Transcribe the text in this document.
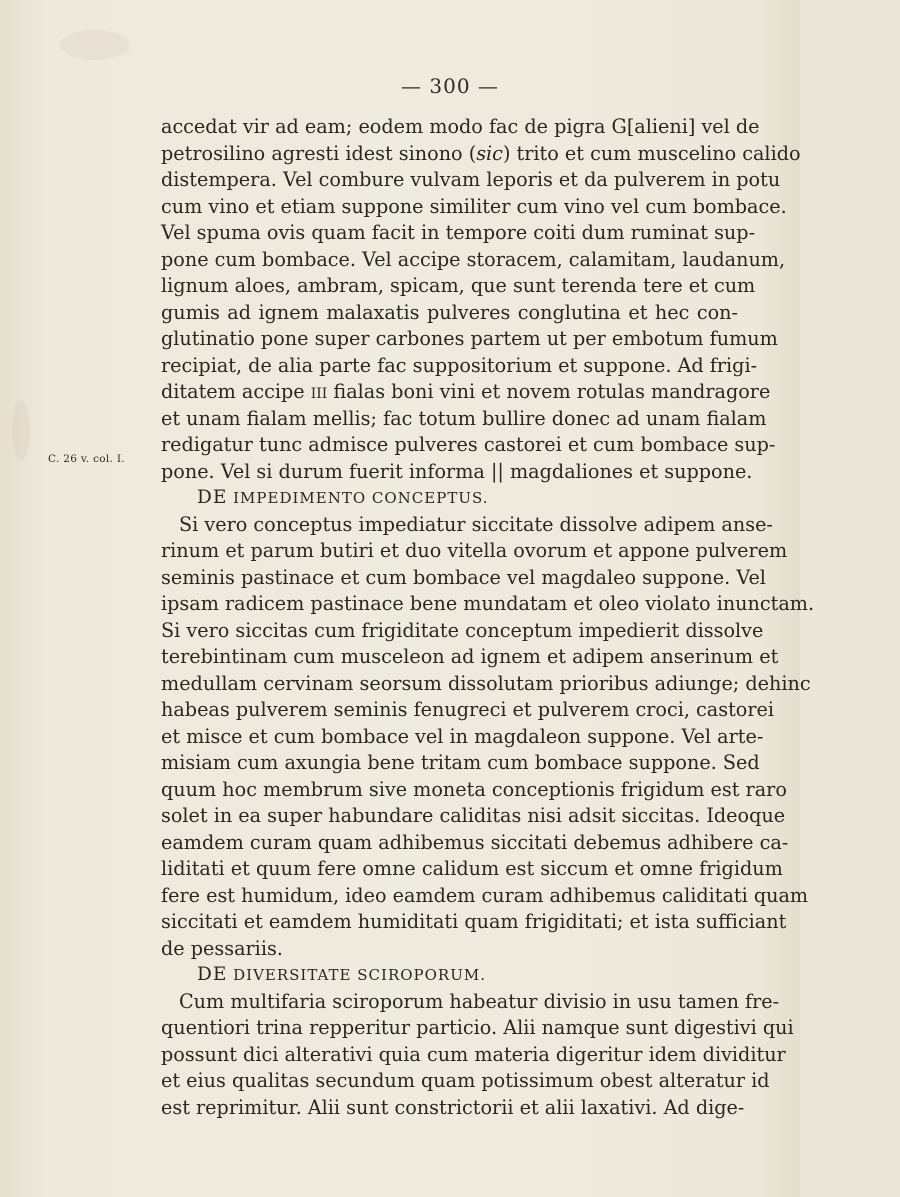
— 300 —
C. 26 v. col. I.
accedat vir ad eam; eodem modo fac de pigra G[alieni] vel de
petrosilino agresti idest sinono (sic) trito et cum muscelino calido
distempera. Vel combure vulvam leporis et da pulverem in potu
cum vino et etiam suppone similiter cum vino vel cum bombace.
Vel spuma ovis quam facit in tempore coiti dum ruminat sup-
pone cum bombace. Vel accipe storacem, calamitam, laudanum,
lignum aloes, ambram, spicam, que sunt terenda tere et cum
gumis ad ignem malaxatis pulveres conglutina et hec con-
glutinatio pone super carbones partem ut per embotum fumum
recipiat, de alia parte fac suppositorium et suppone. Ad frigi-
ditatem accipe III fialas boni vini et novem rotulas mandragore
et unam fialam mellis; fac totum bullire donec ad unam fialam
redigatur tunc admisce pulveres castorei et cum bombace sup-
pone. Vel si durum fuerit informa || magdaliones et suppone.
DE IMPEDIMENTO CONCEPTUS.
Si vero conceptus impediatur siccitate dissolve adipem anse-
rinum et parum butiri et duo vitella ovorum et appone pulverem
seminis pastinace et cum bombace vel magdaleo suppone. Vel
ipsam radicem pastinace bene mundatam et oleo violato inunctam.
Si vero siccitas cum frigiditate conceptum impedierit dissolve
terebintinam cum musceleon ad ignem et adipem anserinum et
medullam cervinam seorsum dissolutam prioribus adiunge; dehinc
habeas pulverem seminis fenugreci et pulverem croci, castorei
et misce et cum bombace vel in magdaleon suppone. Vel arte-
misiam cum axungia bene tritam cum bombace suppone. Sed
quum hoc membrum sive moneta conceptionis frigidum est raro
solet in ea super habundare caliditas nisi adsit siccitas. Ideoque
eamdem curam quam adhibemus siccitati debemus adhibere ca-
liditati et quum fere omne calidum est siccum et omne frigidum
fere est humidum, ideo eamdem curam adhibemus caliditati quam
siccitati et eamdem humiditati quam frigiditati; et ista sufficiant
de pessariis.
DE DIVERSITATE SCIROPORUM.
Cum multifaria sciroporum habeatur divisio in usu tamen fre-
quentiori trina repperitur particio. Alii namque sunt digestivi qui
possunt dici alterativi quia cum materia digeritur idem dividitur
et eius qualitas secundum quam potissimum obest alteratur id
est reprimitur. Alii sunt constrictorii et alii laxativi. Ad dige-
